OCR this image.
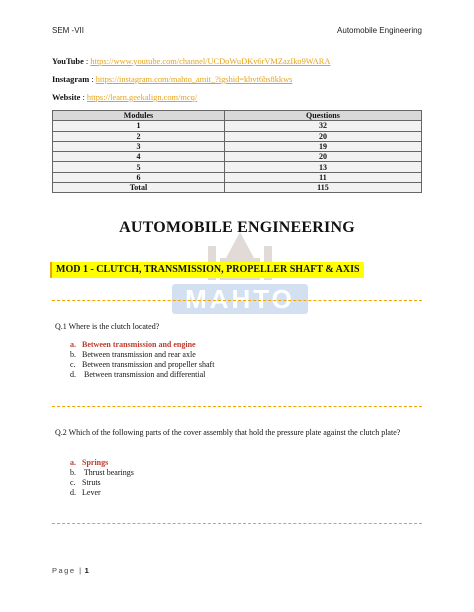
SEM -VII	Automobile Engineering
YouTube : https://www.youtube.com/channel/UCDoWuDKv6rVMZazIko9WARA
Instagram : https://instagram.com/mahto_amit_?igshid=kbvt6bs8kkws
Website : https://learn.geekalign.com/mcq/
Modules	Questions
1	32
2	20
3	19
4	20
5	13
6	11
Total	115
MAHTO
AUTOMOBILE ENGINEERING
MOD 1 - CLUTCH, TRANSMISSION, PROPELLER SHAFT & AXIS
Q.1 Where is the clutch located?
a. Between transmission and engine
b. Between transmission and rear axle
c. Between transmission and propeller shaft
d. Between transmission and differential
Q.2 Which of the following parts of the cover assembly that hold the pressure plate against the clutch plate?
a. Springs
b. Thrust bearings
c. Struts
d. Lever
Page | 1
